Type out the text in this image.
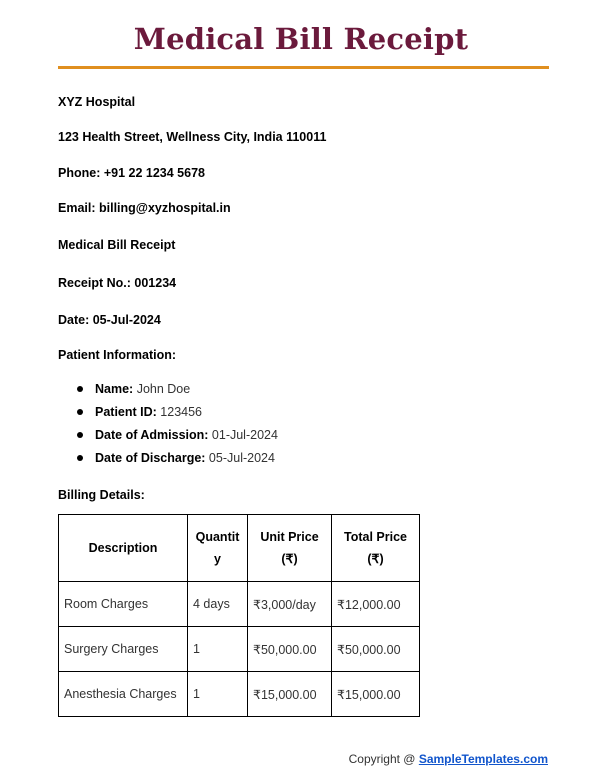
Medical Bill Receipt
XYZ Hospital
123 Health Street, Wellness City, India 110011
Phone: +91 22 1234 5678
Email: billing@xyzhospital.in
Medical Bill Receipt
Receipt No.: 001234
Date: 05-Jul-2024
Patient Information:
Name: John Doe
Patient ID: 123456
Date of Admission: 01-Jul-2024
Date of Discharge: 05-Jul-2024
Billing Details:
Description	Quantit y	Unit Price (₹)	Total Price (₹)
Room Charges	4 days	₹3,000/day	₹12,000.00
Surgery Charges	1	₹50,000.00	₹50,000.00
Anesthesia Charges	1	₹15,000.00	₹15,000.00
Copyright @ SampleTemplates.com
